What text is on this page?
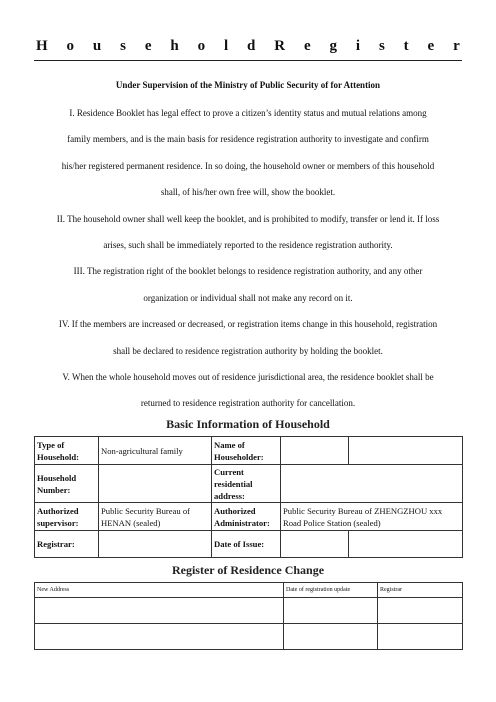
H o u s e h o l d R e g i s t e r
Under Supervision of the Ministry of Public Security of for Attention

I. Residence Booklet has legal effect to prove a citizen’s identity status and mutual relations among

family members, and is the main basis for residence registration authority to investigate and confirm

his/her registered permanent residence. In so doing, the household owner or members of this household

shall, of his/her own free will, show the booklet.

II. The household owner shall well keep the booklet, and is prohibited to modify, transfer or lend it. If loss

arises, such shall be immediately reported to the residence registration authority.

III. The registration right of the booklet belongs to residence registration authority, and any other

organization or individual shall not make any record on it.

IV. If the members are increased or decreased, or registration items change in this household, registration

shall be declared to residence registration authority by holding the booklet.

V. When the whole household moves out of residence jurisdictional area, the residence booklet shall be

returned to residence registration authority for cancellation.

Basic Information of Household
Type of Household:	Non-agricultural family	Name of Householder:		
Household Number:		Current residential address:		
Authorized supervisor:	Public Security Bureau of HENAN (sealed)	Authorized Administrator:	Public Security Bureau of ZHENGZHOU xxx Road Police Station (sealed)	
Registrar:		Date of Issue:		
Register of Residence Change
New Address	Date of registration update	Registrar
